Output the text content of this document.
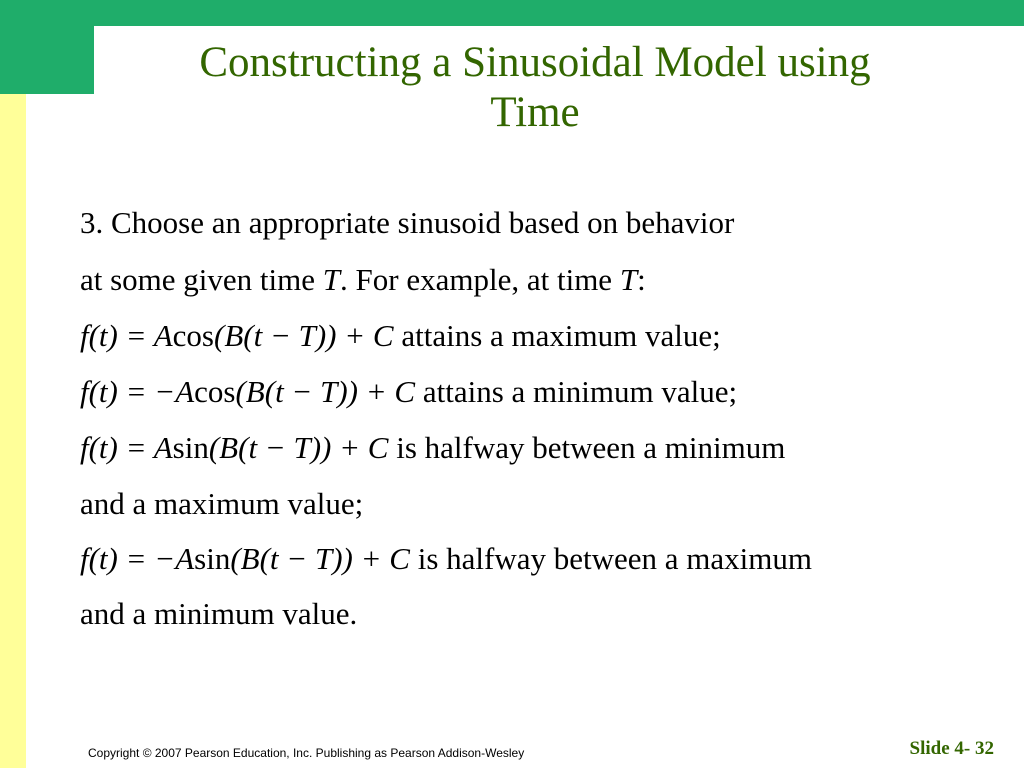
Constructing a Sinusoidal Model using
Time
3. Choose an appropriate sinusoid based on behavior
at some given time T. For example, at time T:
f(t) = Acos(B(t − T)) + C attains a maximum value;
f(t) = −Acos(B(t − T)) + C attains a minimum value;
f(t) = Asin(B(t − T)) + C is halfway between a minimum
and a maximum value;
f(t) = −Asin(B(t − T)) + C is halfway between a maximum
and a minimum value.
Copyright © 2007 Pearson Education, Inc. Publishing as Pearson Addison-Wesley	Slide 4- 32
